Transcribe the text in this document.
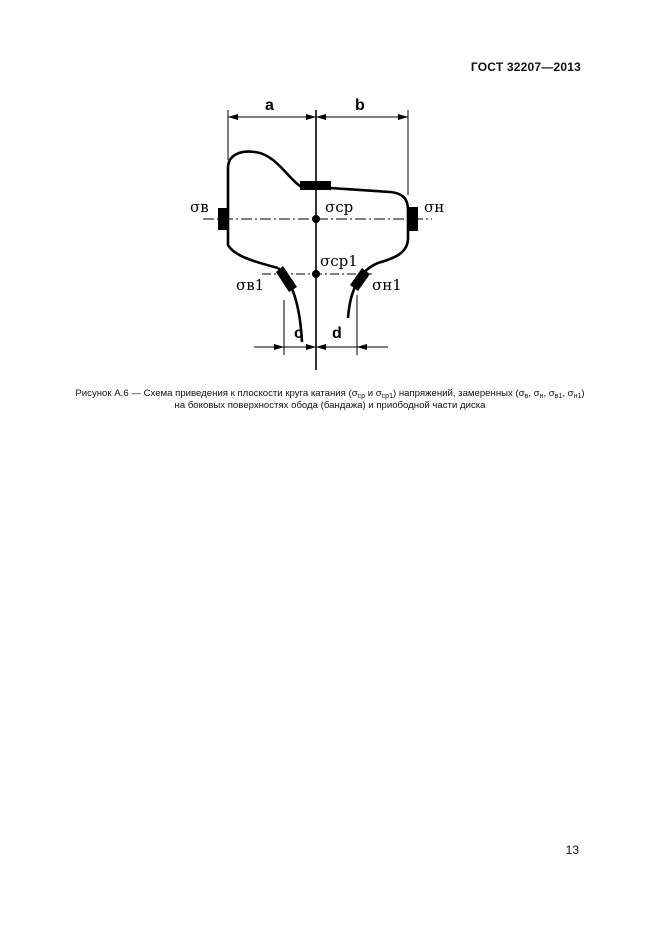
ГОСТ 32207—2013
a	b
c d
σв	σн
σср
σср1
σв1	σн1
Рисунок А.6 — Схема приведения к плоскости круга катания ($\sigma_{ср}$ и $\sigma_{ср1}$) напряжений, замеренных ($\sigma_в$, $\sigma_н$, $\sigma_{в1}$, $\sigma_{н1}$)
на боковых поверхностях обода (бандажа) и приободной части диска
13
